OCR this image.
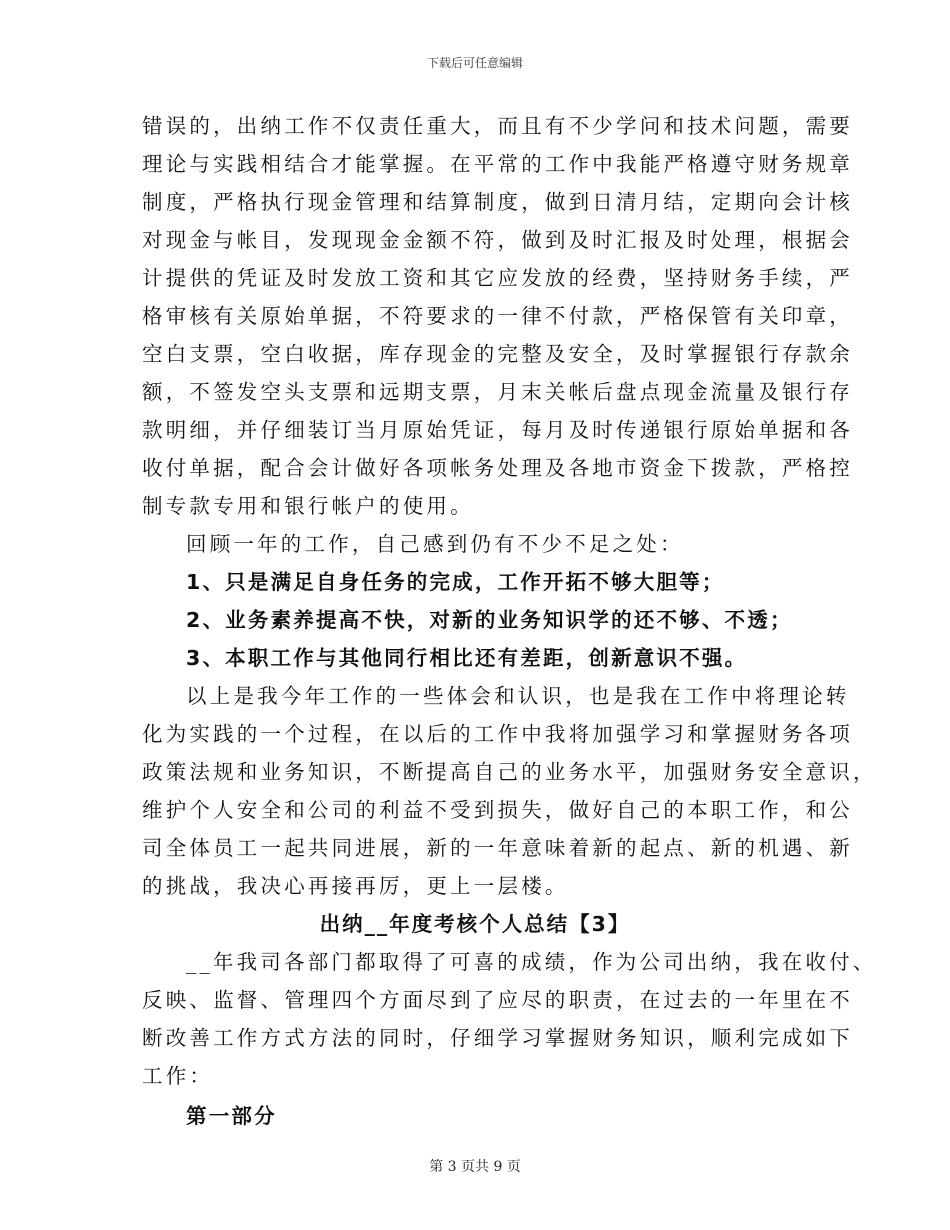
下载后可任意编辑
错误的，出纳工作不仅责任重大，而且有不少学问和技术问题，需要
理论与实践相结合才能掌握。在平常的工作中我能严格遵守财务规章
制度，严格执行现金管理和结算制度，做到日清月结，定期向会计核
对现金与帐目，发现现金金额不符，做到及时汇报及时处理，根据会
计提供的凭证及时发放工资和其它应发放的经费，坚持财务手续，严
格审核有关原始单据，不符要求的一律不付款，严格保管有关印章，
空白支票，空白收据，库存现金的完整及安全，及时掌握银行存款余
额，不签发空头支票和远期支票，月末关帐后盘点现金流量及银行存
款明细，并仔细装订当月原始凭证，每月及时传递银行原始单据和各
收付单据，配合会计做好各项帐务处理及各地市资金下拨款，严格控
制专款专用和银行帐户的使用。
回顾一年的工作，自己感到仍有不少不足之处：
1、只是满足自身任务的完成，工作开拓不够大胆等；
2、业务素养提高不快，对新的业务知识学的还不够、不透；
3、本职工作与其他同行相比还有差距，创新意识不强。
以上是我今年工作的一些体会和认识，也是我在工作中将理论转
化为实践的一个过程，在以后的工作中我将加强学习和掌握财务各项
政策法规和业务知识，不断提高自己的业务水平，加强财务安全意识，
维护个人安全和公司的利益不受到损失，做好自己的本职工作，和公
司全体员工一起共同进展，新的一年意味着新的起点、新的机遇、新
的挑战，我决心再接再厉，更上一层楼。
出纳__年度考核个人总结【3】
__年我司各部门都取得了可喜的成绩，作为公司出纳，我在收付、
反映、监督、管理四个方面尽到了应尽的职责，在过去的一年里在不
断改善工作方式方法的同时，仔细学习掌握财务知识，顺利完成如下
工作：
第一部分
第 3 页共 9 页
